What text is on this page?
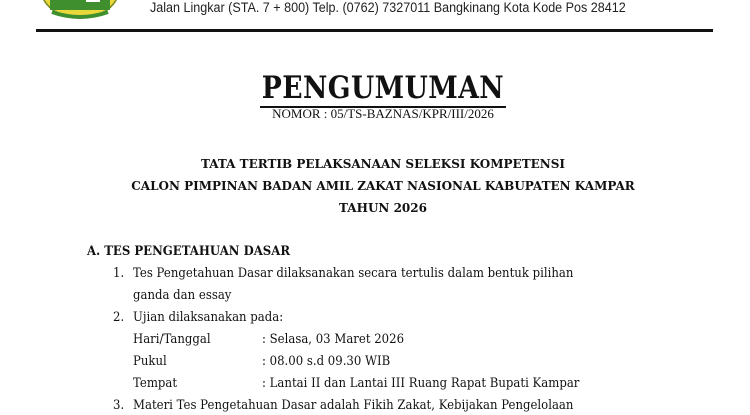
Jalan Lingkar (STA. 7 + 800) Telp. (0762) 7327011 Bangkinang Kota Kode Pos 28412
PENGUMUMAN
NOMOR : 05/TS-BAZNAS/KPR/III/2026
TATA TERTIB PELAKSANAAN SELEKSI KOMPETENSI
CALON PIMPINAN BADAN AMIL ZAKAT NASIONAL KABUPATEN KAMPAR
TAHUN 2026
A. TES PENGETAHUAN DASAR
1. Tes Pengetahuan Dasar dilaksanakan secara tertulis dalam bentuk pilihan
ganda dan essay
2. Ujian dilaksanakan pada:
Hari/Tanggal	: Selasa, 03 Maret 2026
Pukul	: 08.00 s.d 09.30 WIB
Tempat	: Lantai II dan Lantai III Ruang Rapat Bupati Kampar
3. Materi Tes Pengetahuan Dasar adalah Fikih Zakat, Kebijakan Pengelolaan
